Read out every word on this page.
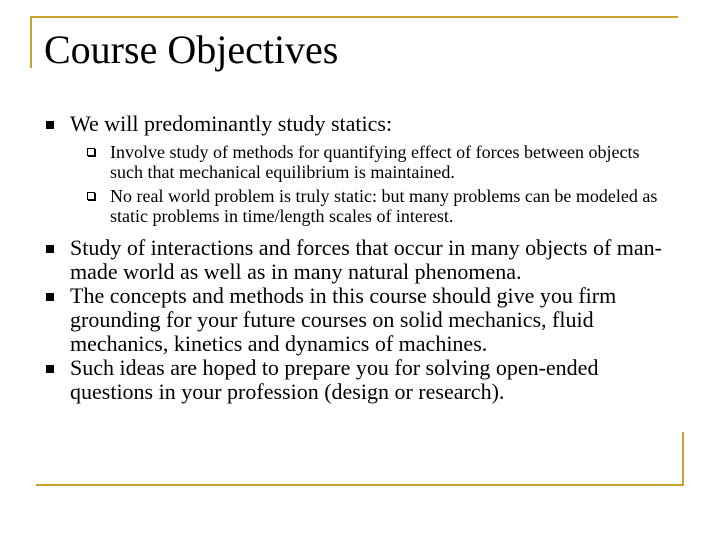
Course Objectives
We will predominantly study statics:
Involve study of methods for quantifying effect of forces between objects such that mechanical equilibrium is maintained.
No real world problem is truly static: but many problems can be modeled as static problems in time/length scales of interest.
Study of interactions and forces that occur in many objects of man-made world as well as in many natural phenomena.
The concepts and methods in this course should give you firm grounding for your future courses on solid mechanics, fluid mechanics, kinetics and dynamics of machines.
Such ideas are hoped to prepare you for solving open-ended questions in your profession (design or research).
